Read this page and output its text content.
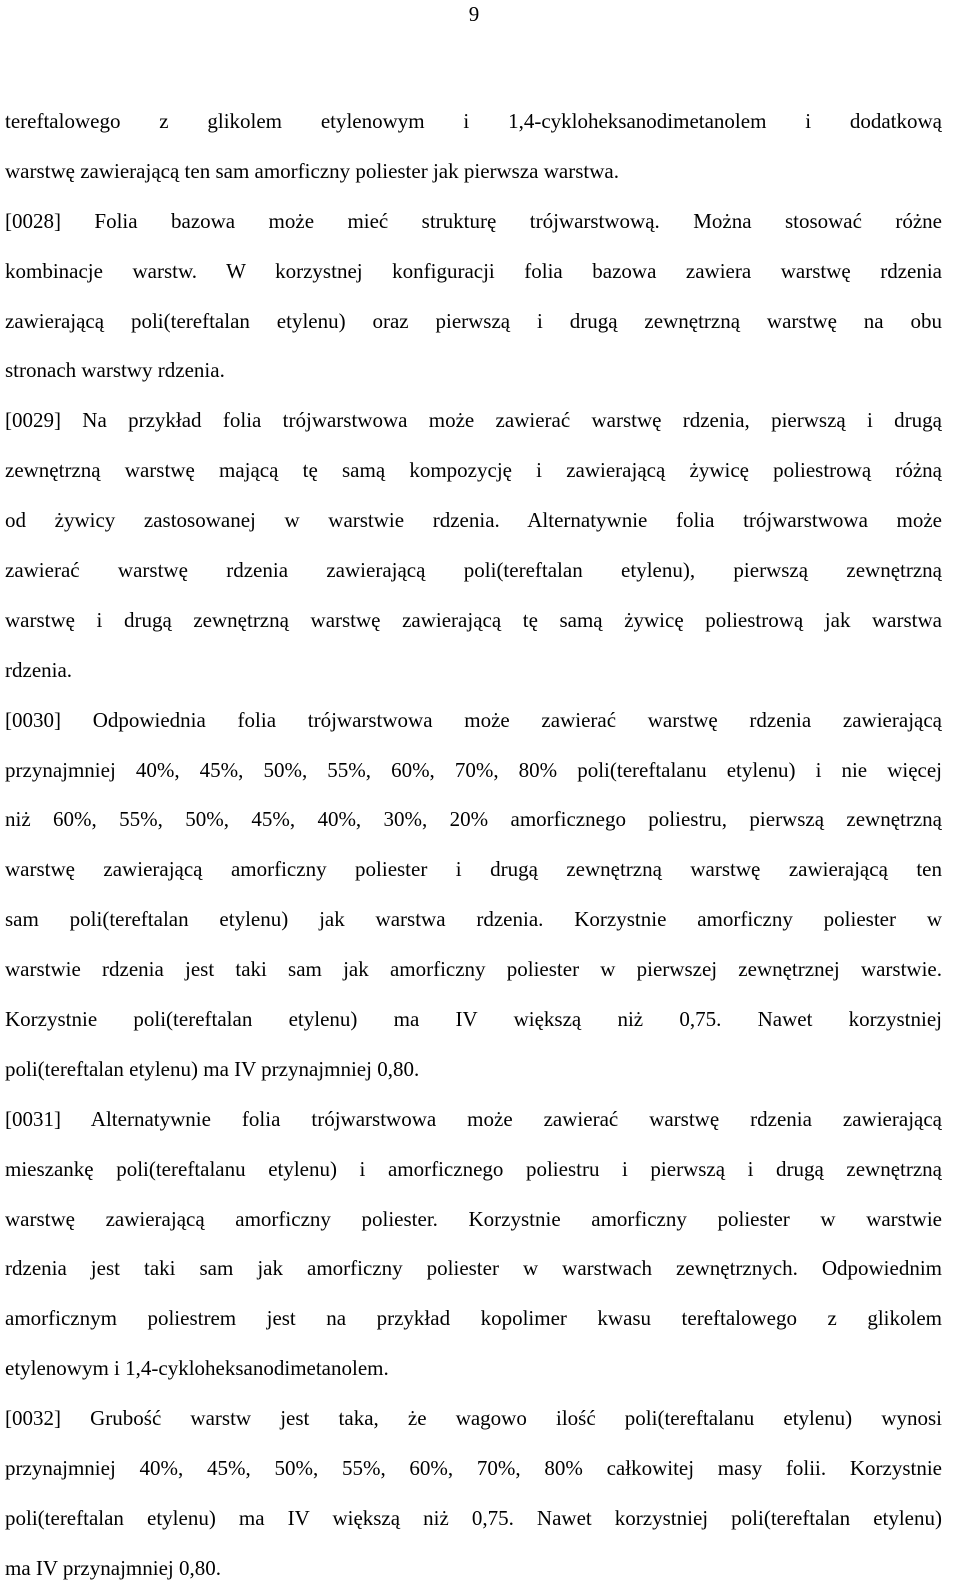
9
tereftalowego z glikolem etylenowym i 1,4-cykloheksanodimetanolem i dodatkową
warstwę zawierającą ten sam amorficzny poliester jak pierwsza warstwa.
[0028] Folia bazowa może mieć strukturę trójwarstwową. Można stosować różne
kombinacje warstw. W korzystnej konfiguracji folia bazowa zawiera warstwę rdzenia
zawierającą poli(tereftalan etylenu) oraz pierwszą i drugą zewnętrzną warstwę na obu
stronach warstwy rdzenia.
[0029] Na przykład folia trójwarstwowa może zawierać warstwę rdzenia, pierwszą i drugą
zewnętrzną warstwę mającą tę samą kompozycję i zawierającą żywicę poliestrową różną
od żywicy zastosowanej w warstwie rdzenia. Alternatywnie folia trójwarstwowa może
zawierać warstwę rdzenia zawierającą poli(tereftalan etylenu), pierwszą zewnętrzną
warstwę i drugą zewnętrzną warstwę zawierającą tę samą żywicę poliestrową jak warstwa
rdzenia.
[0030] Odpowiednia folia trójwarstwowa może zawierać warstwę rdzenia zawierającą
przynajmniej 40%, 45%, 50%, 55%, 60%, 70%, 80% poli(tereftalanu etylenu) i nie więcej
niż 60%, 55%, 50%, 45%, 40%, 30%, 20% amorficznego poliestru, pierwszą zewnętrzną
warstwę zawierającą amorficzny poliester i drugą zewnętrzną warstwę zawierającą ten
sam poli(tereftalan etylenu) jak warstwa rdzenia. Korzystnie amorficzny poliester w
warstwie rdzenia jest taki sam jak amorficzny poliester w pierwszej zewnętrznej warstwie.
Korzystnie poli(tereftalan etylenu) ma IV większą niż 0,75. Nawet korzystniej
poli(tereftalan etylenu) ma IV przynajmniej 0,80.
[0031] Alternatywnie folia trójwarstwowa może zawierać warstwę rdzenia zawierającą
mieszankę poli(tereftalanu etylenu) i amorficznego poliestru i pierwszą i drugą zewnętrzną
warstwę zawierającą amorficzny poliester. Korzystnie amorficzny poliester w warstwie
rdzenia jest taki sam jak amorficzny poliester w warstwach zewnętrznych. Odpowiednim
amorficznym poliestrem jest na przykład kopolimer kwasu tereftalowego z glikolem
etylenowym i 1,4-cykloheksanodimetanolem.
[0032] Grubość warstw jest taka, że wagowo ilość poli(tereftalanu etylenu) wynosi
przynajmniej 40%, 45%, 50%, 55%, 60%, 70%, 80% całkowitej masy folii. Korzystnie
poli(tereftalan etylenu) ma IV większą niż 0,75. Nawet korzystniej poli(tereftalan etylenu)
ma IV przynajmniej 0,80.
